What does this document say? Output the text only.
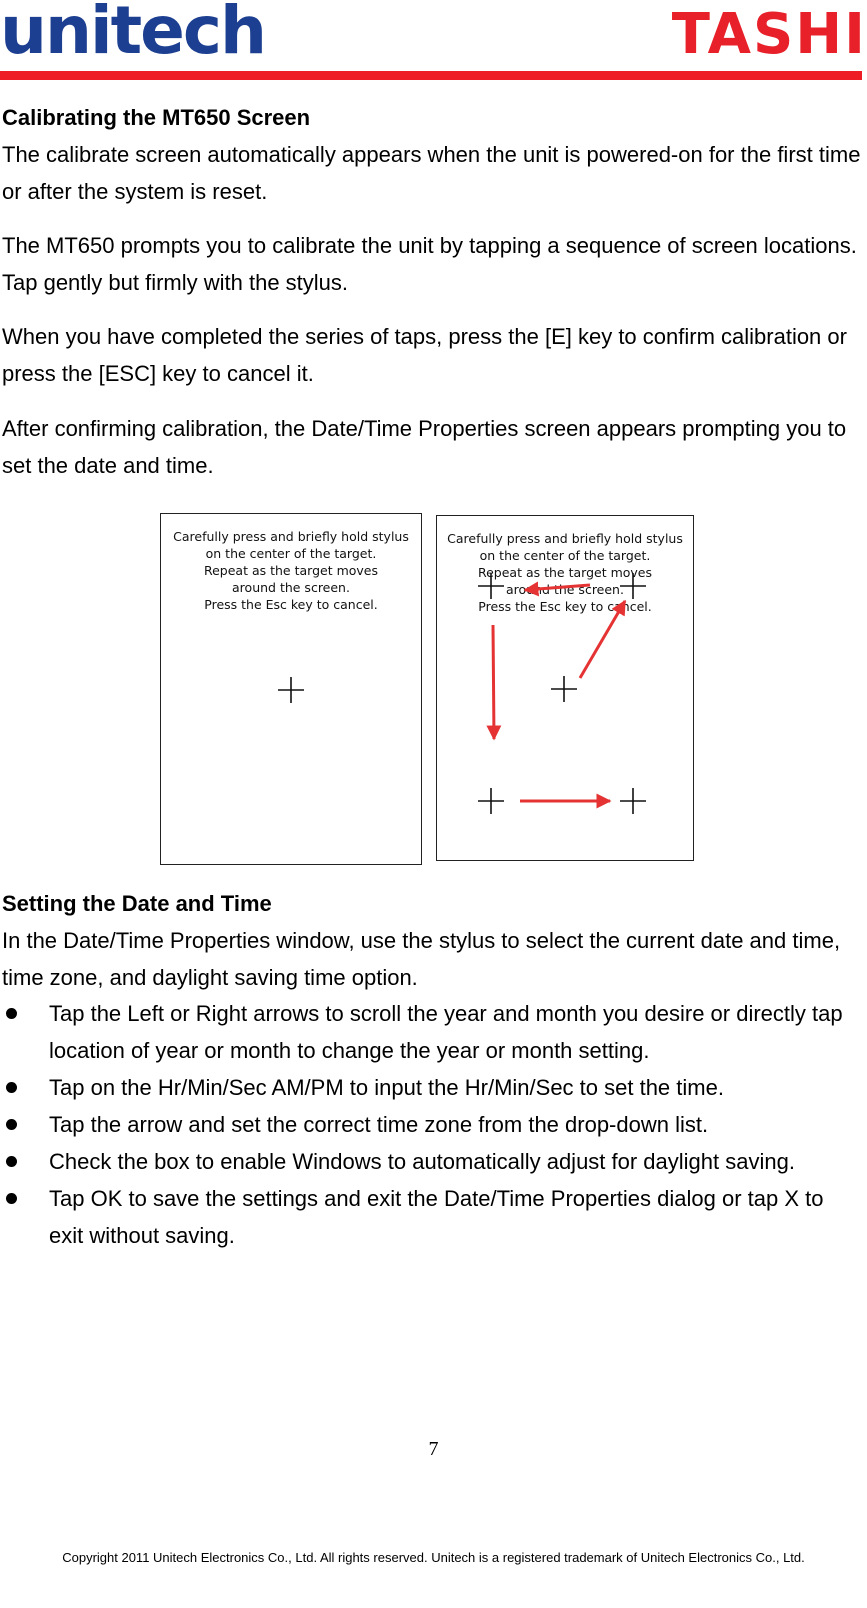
unitech	TASHI
Calibrating the MT650 Screen
The calibrate screen automatically appears when the unit is powered-on for the first time or after the system is reset.
The MT650 prompts you to calibrate the unit by tapping a sequence of screen locations. Tap gently but firmly with the stylus.
When you have completed the series of taps, press the [E] key to confirm calibration or press the [ESC] key to cancel it.
After confirming calibration, the Date/Time Properties screen appears prompting you to set the date and time.
Carefully press and briefly hold stylus
on the center of the target.
Repeat as the target moves
around the screen.
Press the Esc key to cancel.
Carefully press and briefly hold stylus
on the center of the target.
Repeat as the target moves
around the screen.
Press the Esc key to cancel.
Setting the Date and Time
In the Date/Time Properties window, use the stylus to select the current date and time, time zone, and daylight saving time option.
Tap the Left or Right arrows to scroll the year and month you desire or directly tap location of year or month to change the year or month setting.
Tap on the Hr/Min/Sec AM/PM to input the Hr/Min/Sec to set the time.
Tap the arrow and set the correct time zone from the drop-down list.
Check the box to enable Windows to automatically adjust for daylight saving.
Tap OK to save the settings and exit the Date/Time Properties dialog or tap X to exit without saving.
7
Copyright 2011 Unitech Electronics Co., Ltd. All rights reserved. Unitech is a registered trademark of Unitech Electronics Co., Ltd.
